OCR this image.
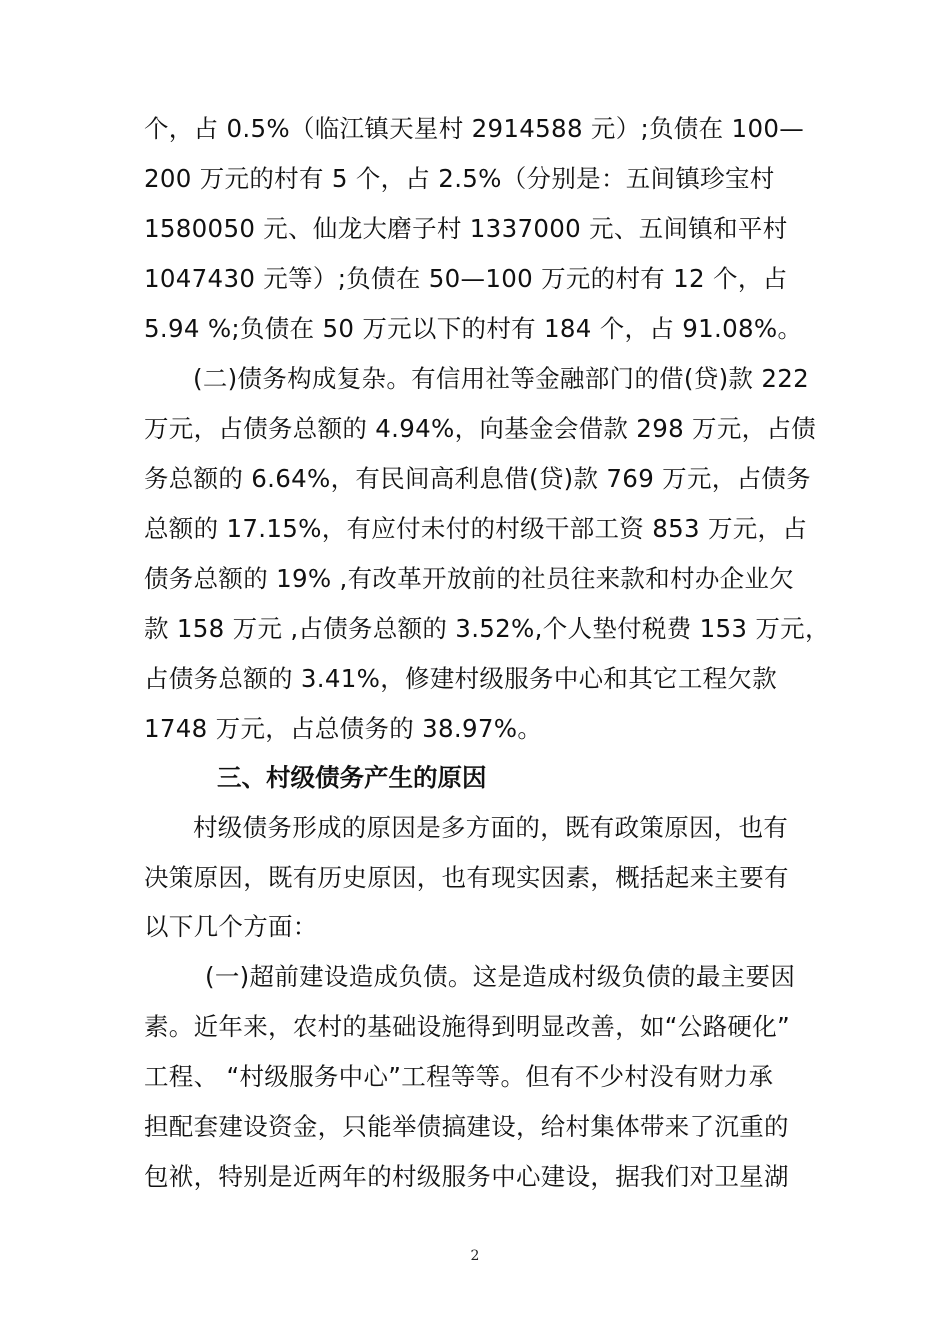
个，占 0.5%（临江镇天星村 2914588 元）;负债在 100—
200 万元的村有 5 个，占 2.5%（分别是：五间镇珍宝村
1580050 元、仙龙大磨子村 1337000 元、五间镇和平村
1047430 元等）;负债在 50—100 万元的村有 12 个，占
5.94 %;负债在 50 万元以下的村有 184 个，占 91.08%。
(二)债务构成复杂。有信用社等金融部门的借(贷)款 222
万元，占债务总额的 4.94%，向基金会借款 298 万元，占债
务总额的 6.64%，有民间高利息借(贷)款 769 万元，占债务
总额的 17.15%，有应付未付的村级干部工资 853 万元，占
债务总额的 19% ,有改革开放前的社员往来款和村办企业欠
款 158 万元 ,占债务总额的 3.52%,个人垫付税费 153 万元，
占债务总额的 3.41%，修建村级服务中心和其它工程欠款
1748 万元，占总债务的 38.97%。
三、村级债务产生的原因
村级债务形成的原因是多方面的，既有政策原因，也有
决策原因，既有历史原因，也有现实因素，概括起来主要有
以下几个方面：
(一)超前建设造成负债。这是造成村级负债的最主要因
素。近年来，农村的基础设施得到明显改善，如“公路硬化”
工程、 “村级服务中心”工程等等。但有不少村没有财力承
担配套建设资金，只能举债搞建设，给村集体带来了沉重的
包袱，特别是近两年的村级服务中心建设，据我们对卫星湖
2
